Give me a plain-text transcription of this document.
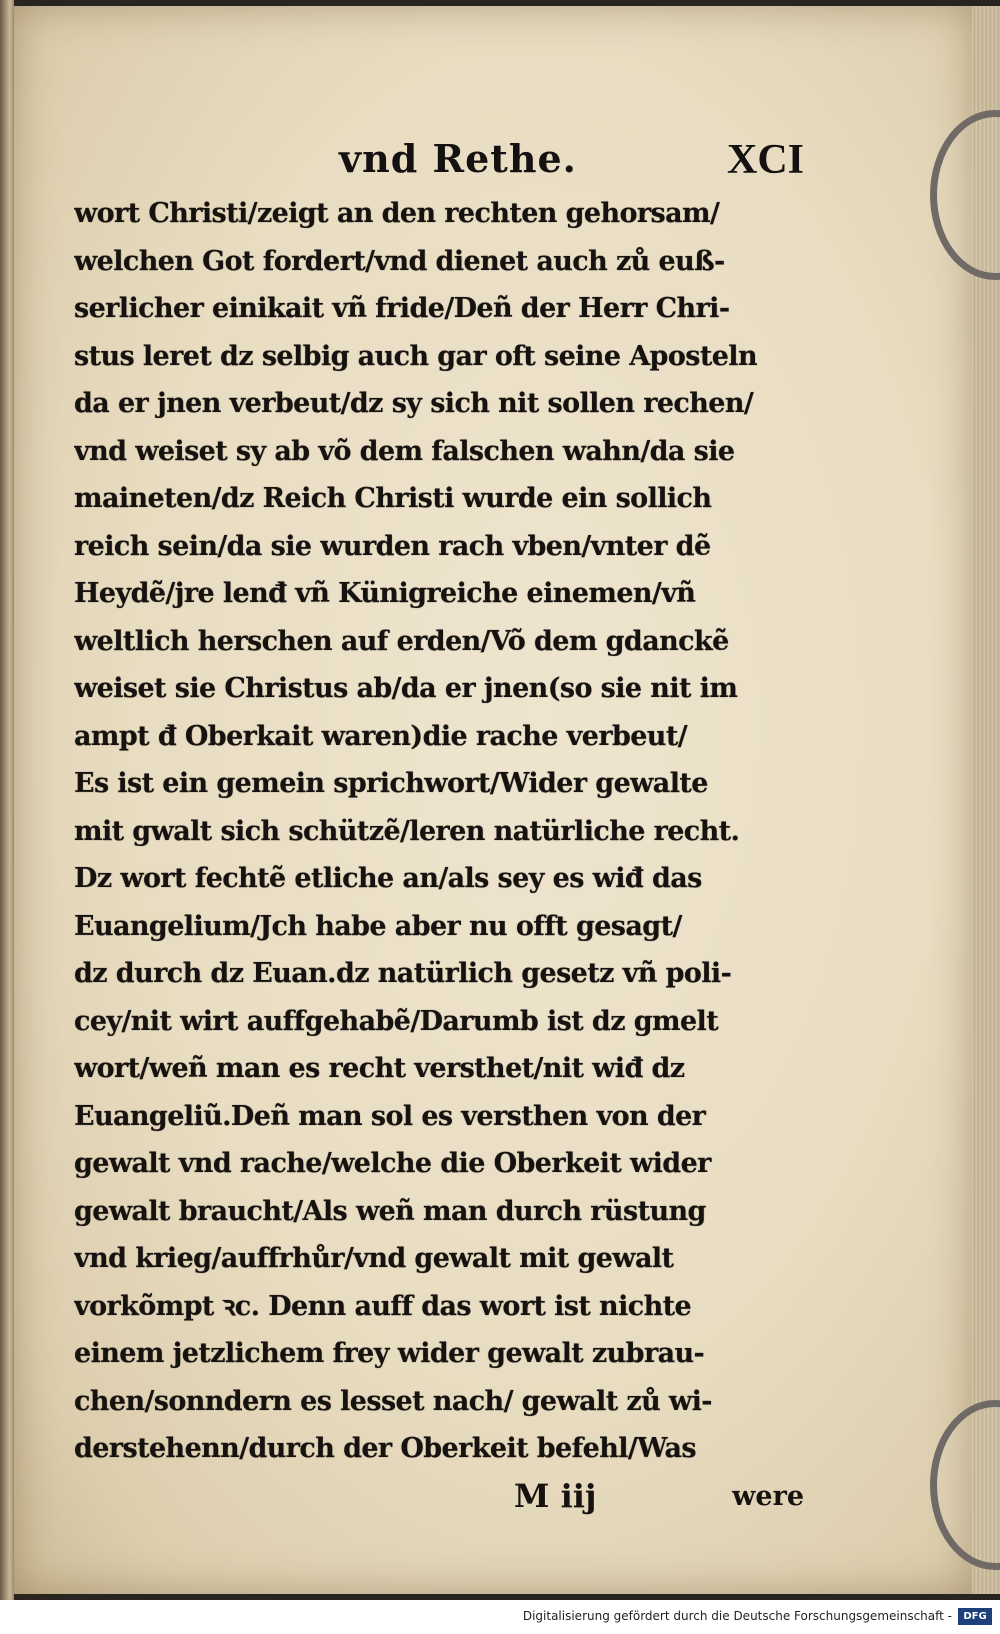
vnd Rethe.	XCI
wort Christi/zeigt an den rechten gehorsam/
welchen Got fordert/vnd dienet auch zů euß-
serlicher einikait vñ fride/Deñ der Herr Chri-
stus leret dz selbig auch gar oft seine Aposteln
da er jnen verbeut/dz sy sich nit sollen rechen/
vnd weiset sy ab võ dem falschen wahn/da sie
maineten/dz Reich Christi wurde ein sollich
reich sein/da sie wurden rach vben/vnter dẽ
Heydẽ/jre lenđ vñ Künigreiche einemen/vñ
weltlich herschen auf erden/Võ dem gdanckẽ
weiset sie Christus ab/da er jnen(so sie nit im
ampt đ Oberkait waren)die rache verbeut/
Es ist ein gemein sprichwort/Wider gewalte
mit gwalt sich schützẽ/leren natürliche recht.
Dz wort fechtẽ etliche an/als sey es wiđ das
Euangelium/Jch habe aber nu offt gesagt/
dz durch dz Euan.dz natürlich gesetz vñ poli-
cey/nit wirt auffgehabẽ/Darumb ist dz gmelt
wort/weñ man es recht versthet/nit wiđ dz
Euangeliũ.Deñ man sol es versthen von der
gewalt vnd rache/welche die Oberkeit wider
gewalt braucht/Als weñ man durch rüstung
vnd krieg/auffrhůr/vnd gewalt mit gewalt
vorkõmpt ꝛc. Denn auff das wort ist nichte
einem jetzlichem frey wider gewalt zubrau-
chen/sonndern es lesset nach/ gewalt zů wi-
derstehenn/durch der Oberkeit befehl/Was
M iij	were
Digitalisierung gefördert durch die Deutsche Forschungsgemeinschaft -	DFG
